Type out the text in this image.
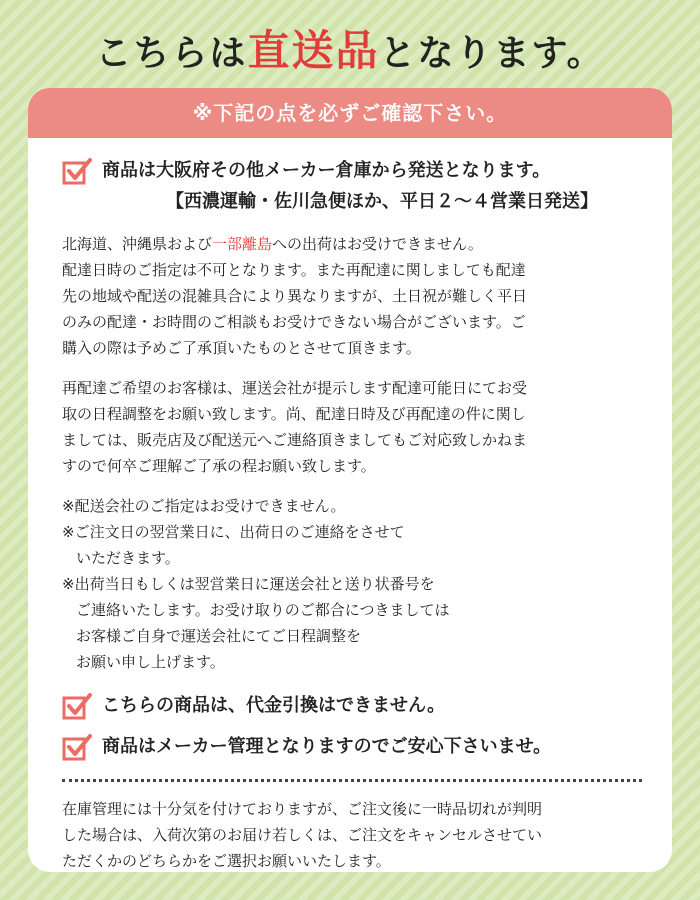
こちらは直送品となります。
※下記の点を必ずご確認下さい。
商品は大阪府その他メーカー倉庫から発送となります。
【西濃運輸・佐川急便ほか、平日２～４営業日発送】

北海道、沖縄県および一部離島への出荷はお受けできません。

配達日時のご指定は不可となります。また再配達に関しましても配達

先の地域や配送の混雑具合により異なりますが、土日祝が難しく平日

のみの配達・お時間のご相談もお受けできない場合がございます。ご

購入の際は予めご了承頂いたものとさせて頂きます。

再配達ご希望のお客様は、運送会社が提示します配達可能日にてお受

取の日程調整をお願い致します。尚、配達日時及び再配達の件に関し

ましては、販売店及び配送元へご連絡頂きましてもご対応致しかねま

すので何卒ご理解ご了承の程お願い致します。

※配送会社のご指定はお受けできません。

※ご注文日の翌営業日に、出荷日のご連絡をさせて

いただきます。

※出荷当日もしくは翌営業日に運送会社と送り状番号を

ご連絡いたします。お受け取りのご都合につきましては

お客様ご自身で運送会社にてご日程調整を

お願い申し上げます。

こちらの商品は、代金引換はできません。
商品はメーカー管理となりますのでご安心下さいませ。

在庫管理には十分気を付けておりますが、ご注文後に一時品切れが判明

した場合は、入荷次第のお届け若しくは、ご注文をキャンセルさせてい

ただくかのどちらかをご選択お願いいたします。
